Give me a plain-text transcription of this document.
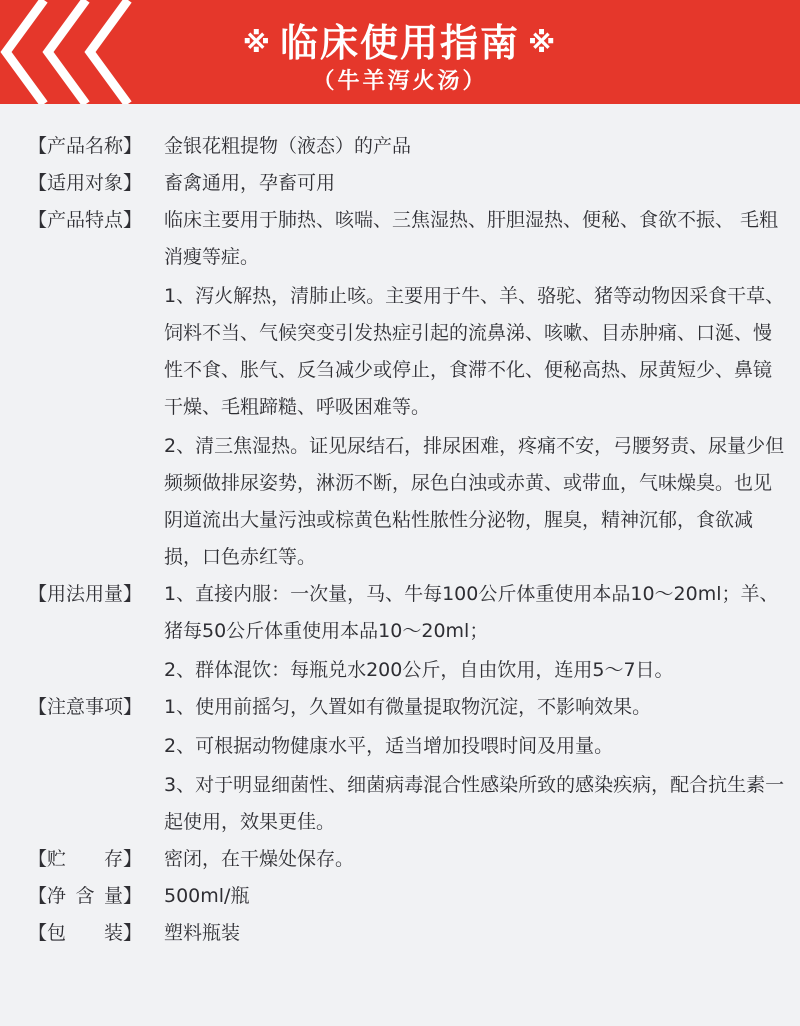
※ 临床使用指南 ※
（牛羊泻火汤）
【产品名称】	金银花粗提物（液态）的产品
【适用对象】	畜禽通用，孕畜可用
【产品特点】	临床主要用于肺热、咳喘、三焦湿热、肝胆湿热、便秘、食欲不振、 毛粗消瘦等症。
1、泻火解热，清肺止咳。主要用于牛、羊、骆驼、猪等动物因采食干草、饲料不当、气候突变引发热症引起的流鼻涕、咳嗽、目赤肿痛、口涎、慢性不食、胀气、反刍减少或停止，食滞不化、便秘高热、尿黄短少、鼻镜干燥、毛粗蹄糙、呼吸困难等。
2、清三焦湿热。证见尿结石，排尿困难，疼痛不安，弓腰努责、尿量少但频频做排尿姿势，淋沥不断，尿色白浊或赤黄、或带血，气味燥臭。也见阴道流出大量污浊或棕黄色粘性脓性分泌物，腥臭，精神沉郁，食欲减损，口色赤红等。
【用法用量】	1、直接内服：一次量，马、牛每100公斤体重使用本品10～20ml；羊、猪每50公斤体重使用本品10～20ml；
2、群体混饮：每瓶兑水200公斤，自由饮用，连用5～7日。
【注意事项】	1、使用前摇匀，久置如有微量提取物沉淀，不影响效果。
2、可根据动物健康水平，适当增加投喂时间及用量。
3、对于明显细菌性、细菌病毒混合性感染所致的感染疾病，配合抗生素一起使用，效果更佳。
【贮　存】	密闭，在干燥处保存。
【净含量】	500ml/瓶
【包　装】	塑料瓶装
